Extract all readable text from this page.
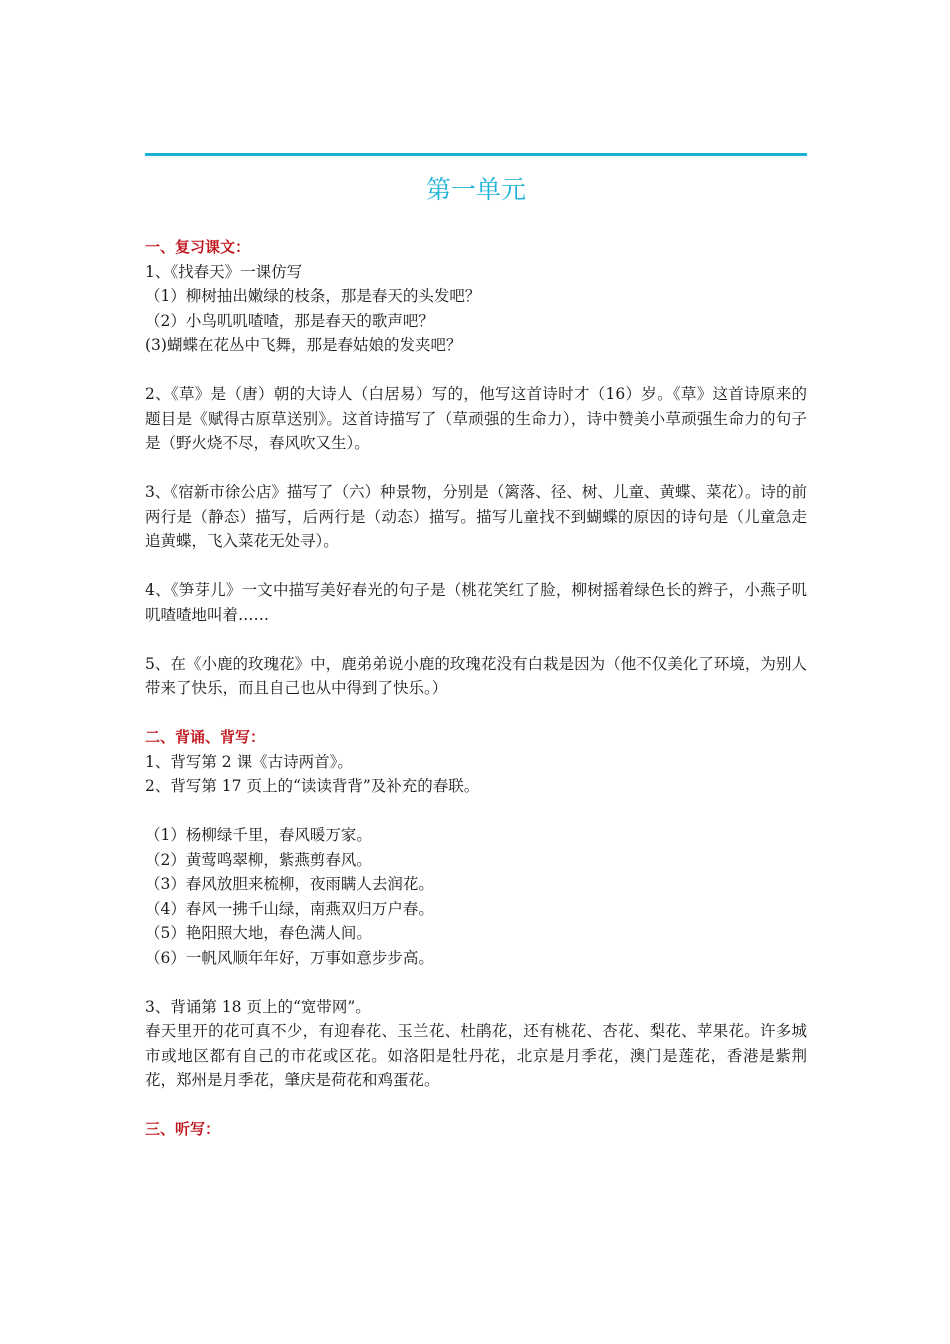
第一单元

一、复习课文：

1、《找春天》一课仿写

（1）柳树抽出嫩绿的枝条，那是春天的头发吧？

（2）小鸟叽叽喳喳，那是春天的歌声吧？

(3)蝴蝶在花丛中飞舞，那是春姑娘的发夹吧？

2、《草》是（唐）朝的大诗人（白居易）写的，他写这首诗时才（16）岁。《草》这首诗原来的题目是《赋得古原草送别》。这首诗描写了（草顽强的生命力），诗中赞美小草顽强生命力的句子是（野火烧不尽，春风吹又生）。

3、《宿新市徐公店》描写了（六）种景物，分别是（篱落、径、树、儿童、黄蝶、菜花）。诗的前两行是（静态）描写，后两行是（动态）描写。描写儿童找不到蝴蝶的原因的诗句是（儿童急走追黄蝶，飞入菜花无处寻）。

4、《笋芽儿》一文中描写美好春光的句子是（桃花笑红了脸，柳树摇着绿色长的辫子，小燕子叽叽喳喳地叫着……

5、在《小鹿的玫瑰花》中，鹿弟弟说小鹿的玫瑰花没有白栽是因为（他不仅美化了环境，为别人带来了快乐，而且自己也从中得到了快乐。）

二、背诵、背写：

1、背写第 2 课《古诗两首》。

2、背写第 17 页上的“读读背背”及补充的春联。

（1）杨柳绿千里，春风暖万家。

（2）黄莺鸣翠柳，紫燕剪春风。

（3）春风放胆来梳柳，夜雨瞒人去润花。

（4）春风一拂千山绿，南燕双归万户春。

（5）艳阳照大地，春色满人间。

（6）一帆风顺年年好，万事如意步步高。

3、背诵第 18 页上的“宽带网”。

春天里开的花可真不少，有迎春花、玉兰花、杜鹃花，还有桃花、杏花、梨花、苹果花。许多城市或地区都有自己的市花或区花。如洛阳是牡丹花，北京是月季花，澳门是莲花，香港是紫荆花，郑州是月季花，肇庆是荷花和鸡蛋花。

三、听写：
